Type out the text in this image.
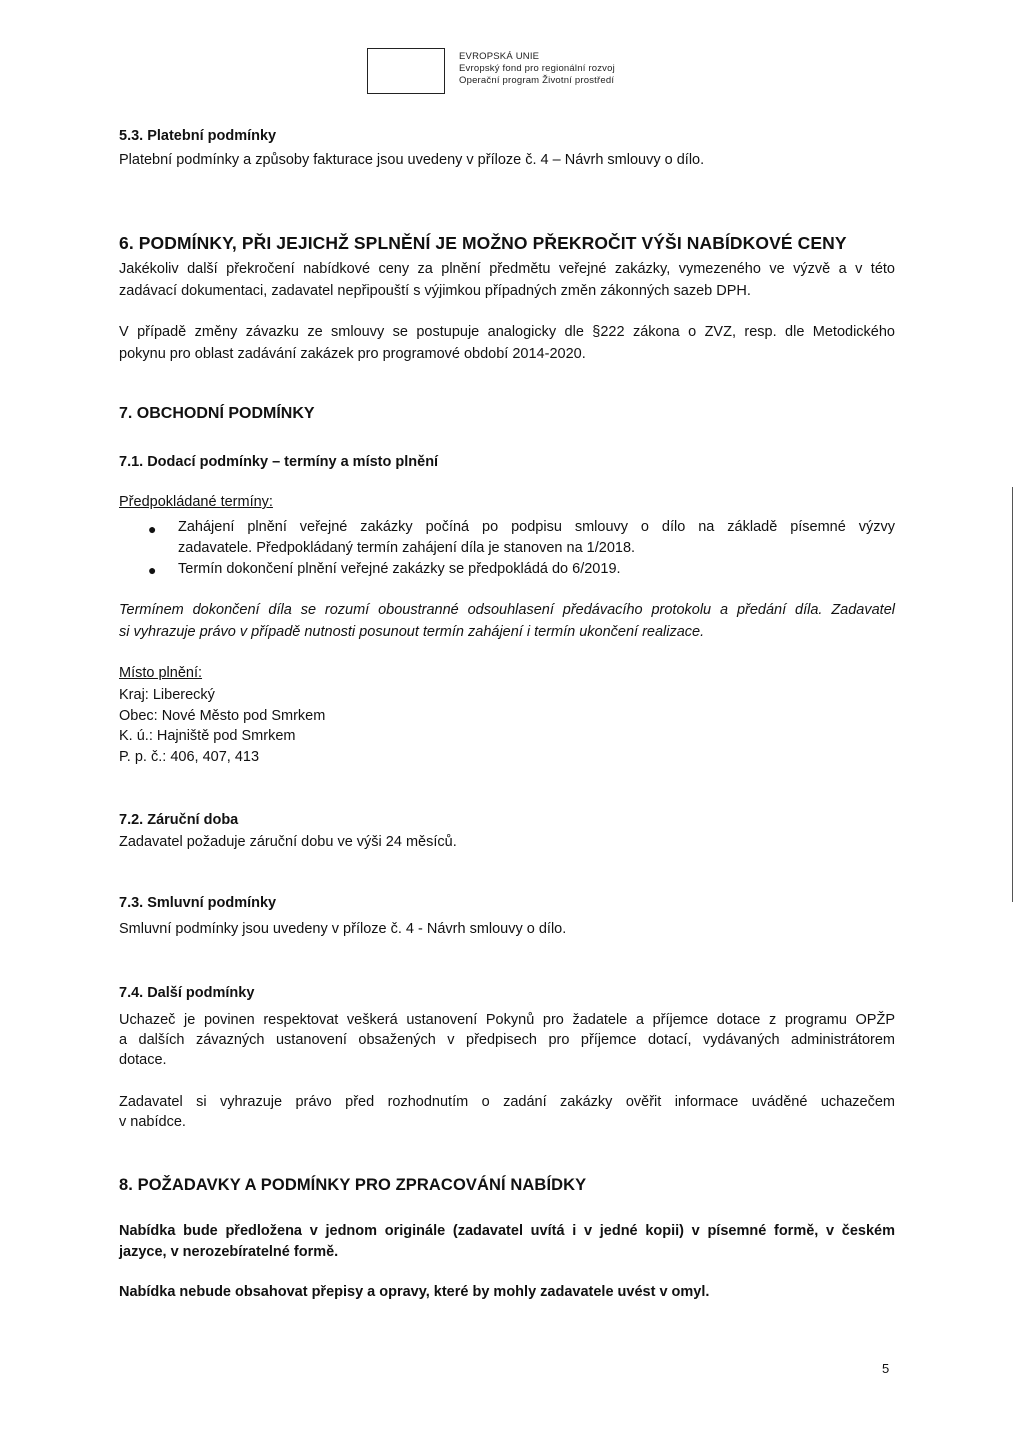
EVROPSKÁ UNIE
Evropský fond pro regionální rozvoj
Operační program Životní prostředí
5.3. Platební podmínky
Platební podmínky a způsoby fakturace jsou uvedeny v příloze č. 4 – Návrh smlouvy o dílo.
6. PODMÍNKY, PŘI JEJICHŽ SPLNĚNÍ JE MOŽNO PŘEKROČIT VÝŠI NABÍDKOVÉ CENY
Jakékoliv další překročení nabídkové ceny za plnění předmětu veřejné zakázky, vymezeného ve výzvě a v této
zadávací dokumentaci, zadavatel nepřipouští s výjimkou případných změn zákonných sazeb DPH.
V případě změny závazku ze smlouvy se postupuje analogicky dle §222 zákona o ZVZ, resp. dle Metodického
pokynu pro oblast zadávání zakázek pro programové období 2014-2020.
7. OBCHODNÍ PODMÍNKY
7.1. Dodací podmínky – termíny a místo plnění
Předpokládané termíny:
● Zahájení plnění veřejné zakázky počíná po podpisu smlouvy o dílo na základě písemné výzvy
zadavatele. Předpokládaný termín zahájení díla je stanoven na 1/2018.
● Termín dokončení plnění veřejné zakázky se předpokládá do 6/2019.
Termínem dokončení díla se rozumí oboustranné odsouhlasení předávacího protokolu a předání díla. Zadavatel
si vyhrazuje právo v případě nutnosti posunout termín zahájení i termín ukončení realizace.
Místo plnění:
Kraj: Liberecký
Obec: Nové Město pod Smrkem
K. ú.: Hajniště pod Smrkem
P. p. č.: 406, 407, 413
7.2. Záruční doba
Zadavatel požaduje záruční dobu ve výši 24 měsíců.
7.3. Smluvní podmínky
Smluvní podmínky jsou uvedeny v příloze č. 4 - Návrh smlouvy o dílo.
7.4. Další podmínky
Uchazeč je povinen respektovat veškerá ustanovení Pokynů pro žadatele a příjemce dotace z programu OPŽP
a dalších závazných ustanovení obsažených v předpisech pro příjemce dotací, vydávaných administrátorem
dotace.
Zadavatel si vyhrazuje právo před rozhodnutím o zadání zakázky ověřit informace uváděné uchazečem
v nabídce.
8. POŽADAVKY A PODMÍNKY PRO ZPRACOVÁNÍ NABÍDKY
Nabídka bude předložena v jednom originále (zadavatel uvítá i v jedné kopii) v písemné formě, v českém
jazyce, v nerozebíratelné formě.
Nabídka nebude obsahovat přepisy a opravy, které by mohly zadavatele uvést v omyl.
5
